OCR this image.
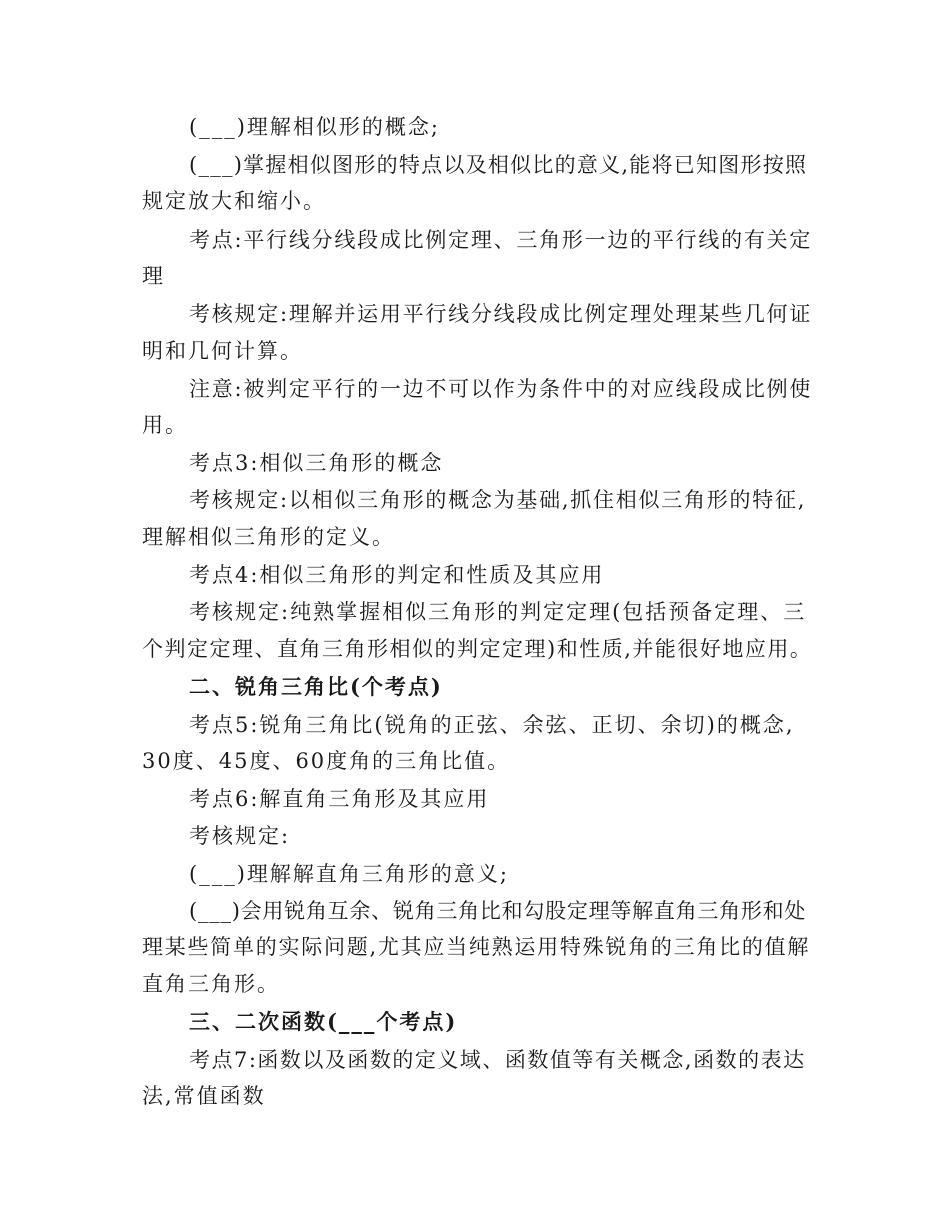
(___)理解相似形的概念;
(___)掌握相似图形的特点以及相似比的意义,能将已知图形按照
规定放大和缩小。
考点:平行线分线段成比例定理、三角形一边的平行线的有关定
理
考核规定:理解并运用平行线分线段成比例定理处理某些几何证
明和几何计算。
注意:被判定平行的一边不可以作为条件中的对应线段成比例使
用。
考点3:相似三角形的概念
考核规定:以相似三角形的概念为基础,抓住相似三角形的特征,
理解相似三角形的定义。
考点4:相似三角形的判定和性质及其应用
考核规定:纯熟掌握相似三角形的判定定理(包括预备定理、三
个判定定理、直角三角形相似的判定定理)和性质,并能很好地应用。
二、锐角三角比(个考点)
考点5:锐角三角比(锐角的正弦、余弦、正切、余切)的概念,
30度、45度、60度角的三角比值。
考点6:解直角三角形及其应用
考核规定:
(___)理解解直角三角形的意义;
(___)会用锐角互余、锐角三角比和勾股定理等解直角三角形和处
理某些简单的实际问题,尤其应当纯熟运用特殊锐角的三角比的值解
直角三角形。
三、二次函数(___个考点)
考点7:函数以及函数的定义域、函数值等有关概念,函数的表达
法,常值函数
